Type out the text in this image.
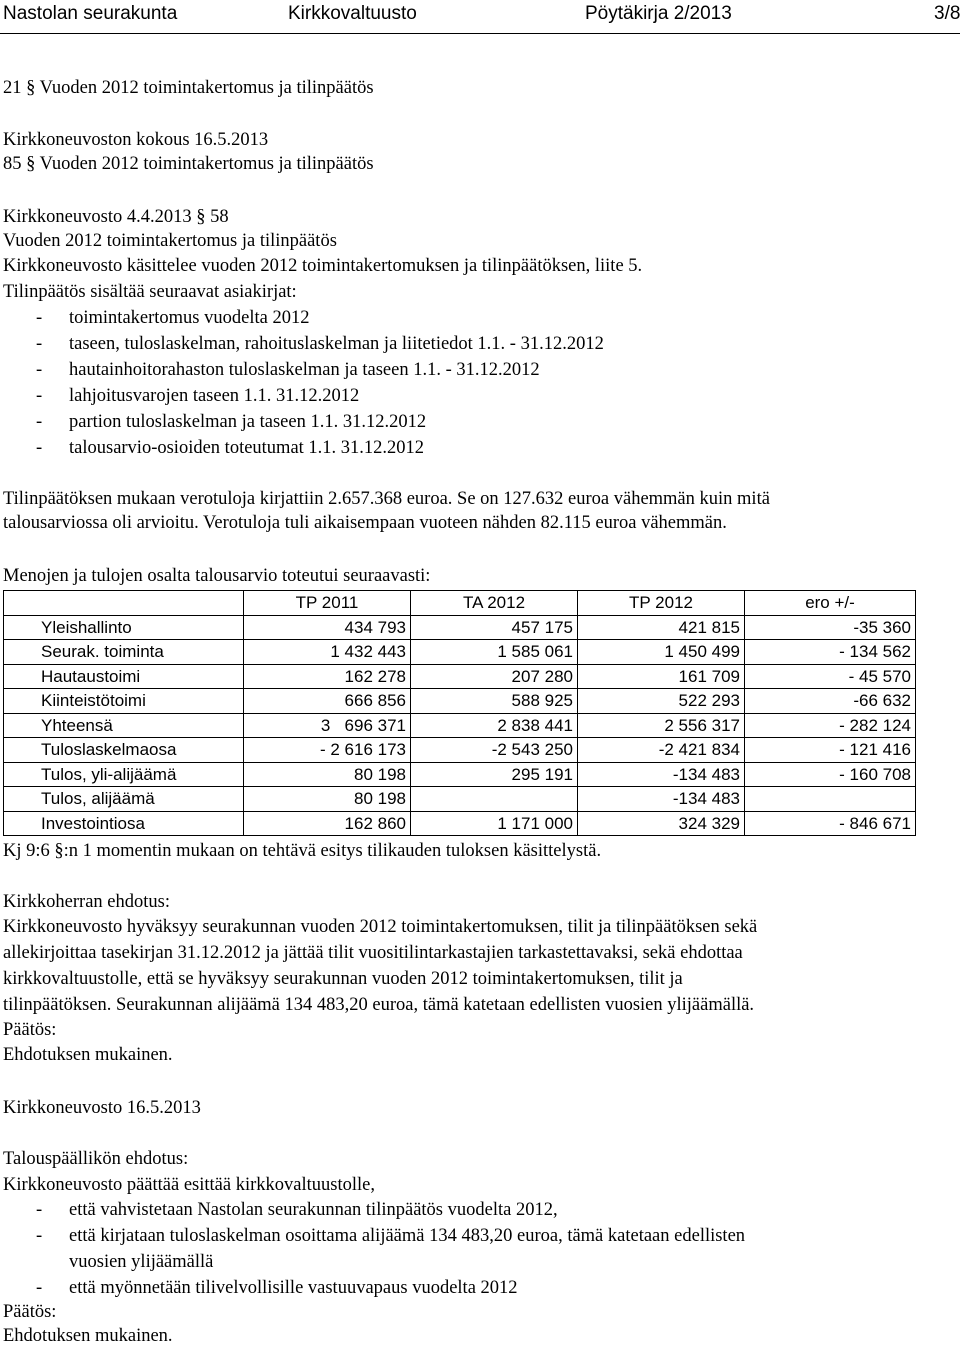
Nastolan seurakunta	Kirkkovaltuusto	Pöytäkirja 2/2013	3/8
21 § Vuoden 2012 toimintakertomus ja tilinpäätös
Kirkkoneuvoston kokous 16.5.2013
85 § Vuoden 2012 toimintakertomus ja tilinpäätös
Kirkkoneuvosto 4.4.2013 § 58
Vuoden 2012 toimintakertomus ja tilinpäätös
Kirkkoneuvosto käsittelee vuoden 2012 toimintakertomuksen ja tilinpäätöksen, liite 5.
Tilinpäätös sisältää seuraavat asiakirjat:
- toimintakertomus vuodelta 2012
- taseen, tuloslaskelman, rahoituslaskelman ja liitetiedot 1.1. - 31.12.2012
- hautainhoitorahaston tuloslaskelman ja taseen 1.1. - 31.12.2012
- lahjoitusvarojen taseen 1.1. 31.12.2012
- partion tuloslaskelman ja taseen 1.1. 31.12.2012
- talousarvio-osioiden toteutumat 1.1. 31.12.2012
Tilinpäätöksen mukaan verotuloja kirjattiin 2.657.368 euroa. Se on 127.632 euroa vähemmän kuin mitä
talousarviossa oli arvioitu. Verotuloja tuli aikaisempaan vuoteen nähden 82.115 euroa vähemmän.
Menojen ja tulojen osalta talousarvio toteutui seuraavasti:
	TP 2011	TA 2012	TP 2012	ero +/-
Yleishallinto	434 793	457 175	421 815	-35 360
Seurak. toiminta	1 432 443	1 585 061	1 450 499	- 134 562
Hautaustoimi	162 278	207 280	161 709	- 45 570
Kiinteistötoimi	666 856	588 925	522 293	-66 632
Yhteensä	3   696 371	2 838 441	2 556 317	- 282 124
Tuloslaskelmaosa	- 2 616 173	-2 543 250	-2 421 834	- 121 416
Tulos, yli-alijäämä	80 198	295 191	-134 483	- 160 708
Tulos, alijäämä	80 198		-134 483	
Investointiosa	162 860	1 171 000	324 329	- 846 671
Kj 9:6 §:n 1 momentin mukaan on tehtävä esitys tilikauden tuloksen käsittelystä.
Kirkkoherran ehdotus:
Kirkkoneuvosto hyväksyy seurakunnan vuoden 2012 toimintakertomuksen, tilit ja tilinpäätöksen sekä
allekirjoittaa tasekirjan 31.12.2012 ja jättää tilit vuositilintarkastajien tarkastettavaksi, sekä ehdottaa
kirkkovaltuustolle, että se hyväksyy seurakunnan vuoden 2012 toimintakertomuksen, tilit ja
tilinpäätöksen. Seurakunnan alijäämä 134 483,20 euroa, tämä katetaan edellisten vuosien ylijäämällä.
Päätös:
Ehdotuksen mukainen.
Kirkkoneuvosto 16.5.2013
Talouspäällikön ehdotus:
Kirkkoneuvosto päättää esittää kirkkovaltuustolle,
- että vahvistetaan Nastolan seurakunnan tilinpäätös vuodelta 2012,
- että kirjataan tuloslaskelman osoittama alijäämä 134 483,20 euroa, tämä katetaan edellisten
vuosien ylijäämällä
- että myönnetään tilivelvollisille vastuuvapaus vuodelta 2012
Päätös:
Ehdotuksen mukainen.
